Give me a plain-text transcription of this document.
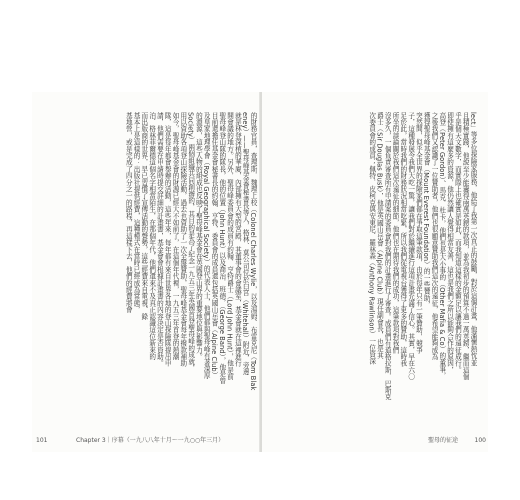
的財務官員，查理斯．魏理上校（Colonel Charles Wylie，以及湯姆．布雷克尼（Tom Blak
eney）——聖母峰基金會秘書長等人，格林．莫公司位於白宮（Whitehall）附近，旁邊
就是林登深植的華廈，內部擁有大型的宮殿，其董事會的會議室，基金會就在這裡進行
開會議的地方。另外，聖母峰委員會的成員有約翰．亨特爵士（Lord John Hunt），他是前
聖母峰登山隊的隊長，他的位置（John Hunt）以及喬治．班德，（George Band），他是曾
目前還擔任基金會秘書長的約翰．亨特，委員會的成員還包括英國山岳會（Alpine Club）
及皇家地理學會（Royal Geographical Society）的代表人士，他們都與聖母峰有著深厚
的淵源，這些人物的組成也反映了聖母峰基金會在英國登山界的重要地位與影響力。
Society）兩個組織共同創辦的，其目的是為了紀念一九五三年英國首登聖母峰的成就，
用以資助各項登山探險活動，過去也資助了一次全盤贊助，聖母峰基金會每年撥款補助
如今，聖母峰基金會的財源已經大不如前了，在這個年代裡，一九五三年首登的熱潮
隊，這是每年都會舉辦的活動，這些年來，每年都有來自世界各地的登山探險隊提出申
請，他們需要在申請時提交詳細的計畫書，基金會會根據計畫書的內容決定是否資助。
泊．格林菲爾德這個名字相當陌生，在那個年代，他們還來不及真正認識這位新來的
而出版商的世界，早已習慣了宣傳活動的聲勢，這些經費來自電視、錄
基本上是這樣的：出版社提供經費，這種模式在當時已經成為常態，
基地營，或是完成了四分之一的路程，再這樣下去，他們的經費將會
101	Chapter 3｜序幕（一九八八年十月～一九○○年三月）
lect」等多位探險家服務，他給了我第一次真正的鼓勵，對於這個計畫，他滿懷熱忱並
且積極實踐，他說至少能籌得兩萬英鎊的款項，並為我初步的預算不過一萬英鎊，繼而這個
乎是個天文數字，而實際上也確實是如此，而我知道這樣的金額足以讓我們的遠征成行。
即使擁有這麼多的資源，他仍然讓人覺得相當友善，這也是我們之所以能夠合作的原因，
高登（Peter Gordon）、馬克．杜卡，他們也是大小事的（Other Mafia & Co）的董事，
之後我們又認識了一位贊助者，他們也很願意贊助我們這次的遠征，他希望能夠成為
獲得聖母峰基金會（Mount Everest Foundation）的一些贊助，
突然間，似乎全世界的探險家們都在爭取這筆款項，由於每年只有一筆贊助，競爭
子，這種發展令我們大吃一驚，讓我們對於繼續進行這項計畫充滿了信心。其實，早在六〇
足於此，當時我們的財務狀況相當吃緊，所以我們從電視台獲得了更多的贊助，這時我
所坐的談論關於我們這次遠征的細節，他們也在期待我們的成功，這筆款項對我們
沒多久，一個負責審查所有申請案的委員會對我們的計畫進行了審查。成員們有道格拉斯．巴斯克
爵士（Sir Douglas Busk），他是英國山岳會（Alpine Club）現任副會長，也是其
次委員會的成員；佩特．皮柯克與安東尼．羅林森（Anthony Rawlinson）一位資深
聖母的征途	100
